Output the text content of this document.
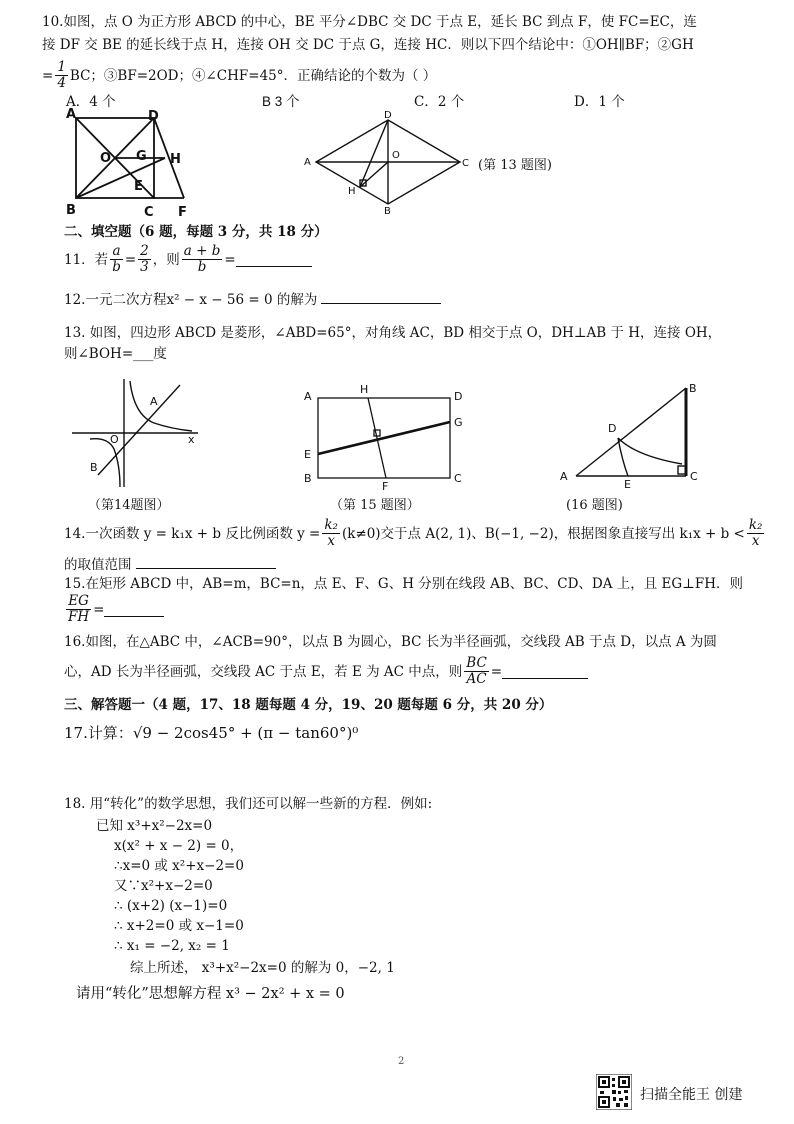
10.如图，点 O 为正方形 ABCD 的中心，BE 平分∠DBC 交 DC 于点 E，延长 BC 到点 F，使 FC=EC，连
接 DF 交 BE 的延长线于点 H，连接 OH 交 DC 于点 G，连接 HC．则以下四个结论中：①OH∥BF；②GH
= $\frac{1}{4}$ BC；③BF=2OD；④∠CHF=45°．正确结论的个数为（ ）
A．4 个	B 3 个	C．2 个	D．1 个
A	D
O G H
E
B	C F
D
A
O
C
H
B
(第 13 题图)
二、填空题（6 题，每题 3 分，共 18 分）
11．若 $\frac{a}{b} = \frac{2}{3}$ ，则 $\frac{a + b}{b}$ =
12.一元二次方程x² − x − 56 = 0 的解为
13. 如图，四边形 ABCD 是菱形，∠ABD=65°，对角线 AC，BD 相交于点 O，DH⊥AB 于 H，连接 OH，
则∠BOH=___度
A
O	x
B
（第14题图）
A
H
D
G
E
B
F
C
（第 15 题图）
B
D
A
E
C
(16 题图)
14.一次函数 y = k₁x + b 反比例函数 $y = \frac{\text{k₂}}{x} (k\ne 0)$交于点 A(2, 1)、B(−1, −2)，根据图象直接写出 $k_1x + b < \frac{\text{k₂}}{x}$
的取值范围
15.在矩形 ABCD 中，AB=m，BC=n，点 E、F、G、H 分别在线段 AB、BC、CD、DA 上，且 EG⊥FH．则
$\frac{EG}{FH}$ =
16.如图，在△ABC 中，∠ACB=90°，以点 B 为圆心，BC 长为半径画弧，交线段 AB 于点 D，以点 A 为圆
心，AD 长为半径画弧，交线段 AC 于点 E，若 E 为 AC 中点，则 $\frac{BC}{AC}$ =
三、解答题一（4 题，17、18 题每题 4 分，19、20 题每题 6 分，共 20 分）
17.计算：√9 − 2cos45° + (π − tan60°)⁰
18. 用“转化”的数学思想，我们还可以解一些新的方程．例如:
已知 x³+x²−2x=0
x(x² + x − 2) = 0，
∴x=0 或 x²+x−2=0
又∵x²+x−2=0
∴ (x+2) (x−1)=0
∴ x+2=0 或 x−1=0
∴ x₁ = −2, x₂ = 1
综上所述， x³+x²−2x=0 的解为 0，−2, 1
请用“转化”思想解方程 x³ − 2x² + x = 0
2
扫描全能王 创建
